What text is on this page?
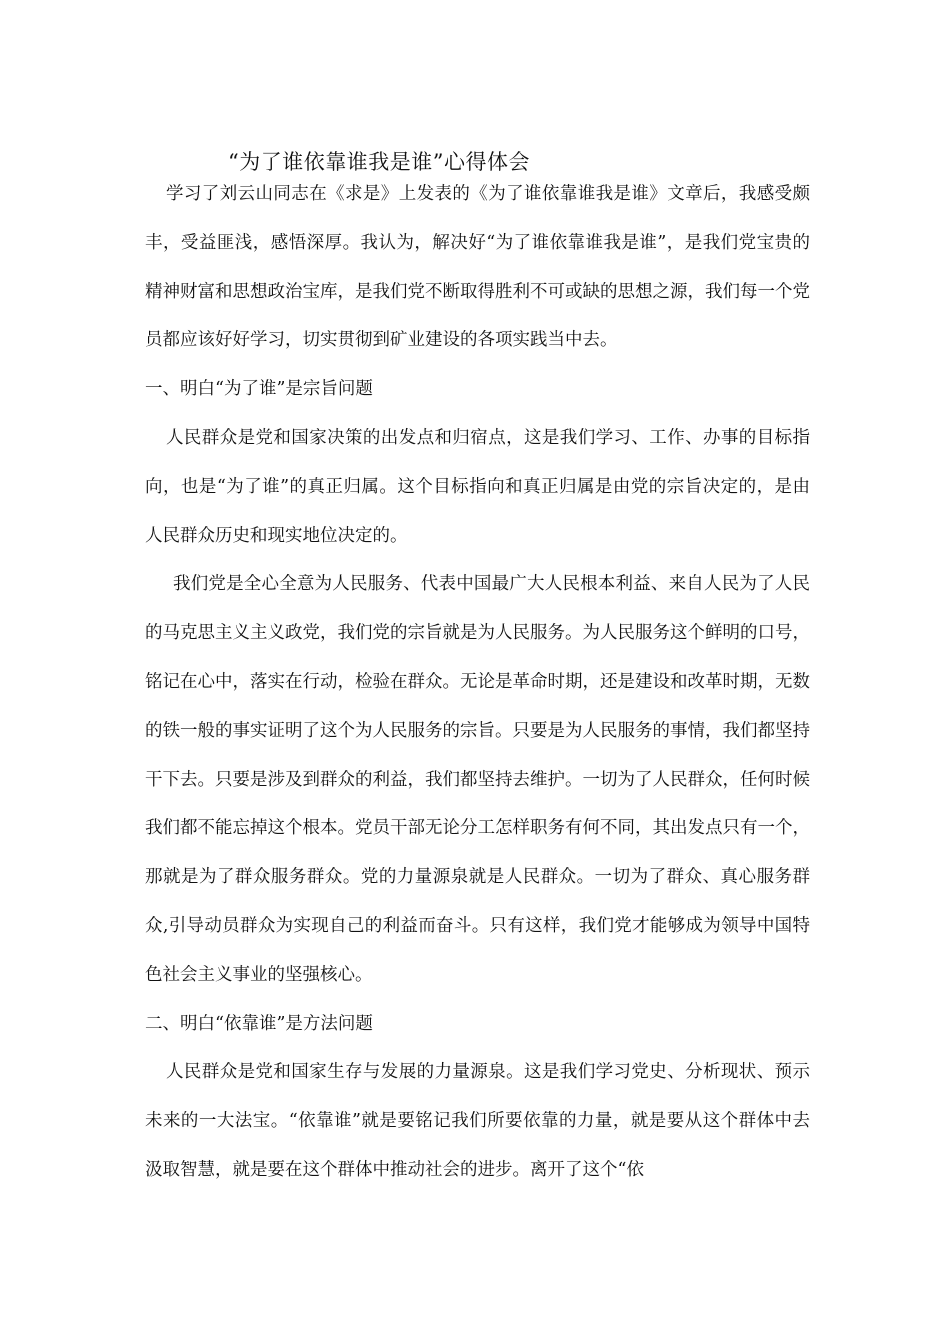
“为了谁依靠谁我是谁”心得体会

学习了刘云山同志在《求是》上发表的《为了谁依靠谁我是谁》文章后，我感受颇丰，受益匪浅，感悟深厚。我认为，解决好“为了谁依靠谁我是谁”，是我们党宝贵的精神财富和思想政治宝库，是我们党不断取得胜利不可或缺的思想之源，我们每一个党员都应该好好学习，切实贯彻到矿业建设的各项实践当中去。

一、明白“为了谁”是宗旨问题

人民群众是党和国家决策的出发点和归宿点，这是我们学习、工作、办事的目标指向，也是“为了谁”的真正归属。这个目标指向和真正归属是由党的宗旨决定的，是由人民群众历史和现实地位决定的。

我们党是全心全意为人民服务、代表中国最广大人民根本利益、来自人民为了人民的马克思主义主义政党，我们党的宗旨就是为人民服务。为人民服务这个鲜明的口号，铭记在心中，落实在行动，检验在群众。无论是革命时期，还是建设和改革时期，无数的铁一般的事实证明了这个为人民服务的宗旨。只要是为人民服务的事情，我们都坚持干下去。只要是涉及到群众的利益，我们都坚持去维护。一切为了人民群众，任何时候我们都不能忘掉这个根本。党员干部无论分工怎样职务有何不同，其出发点只有一个，那就是为了群众服务群众。党的力量源泉就是人民群众。一切为了群众、真心服务群众,引导动员群众为实现自己的利益而奋斗。只有这样，我们党才能够成为领导中国特色社会主义事业的坚强核心。

二、明白“依靠谁”是方法问题

人民群众是党和国家生存与发展的力量源泉。这是我们学习党史、分析现状、预示未来的一大法宝。“依靠谁”就是要铭记我们所要依靠的力量，就是要从这个群体中去汲取智慧，就是要在这个群体中推动社会的进步。离开了这个“依
